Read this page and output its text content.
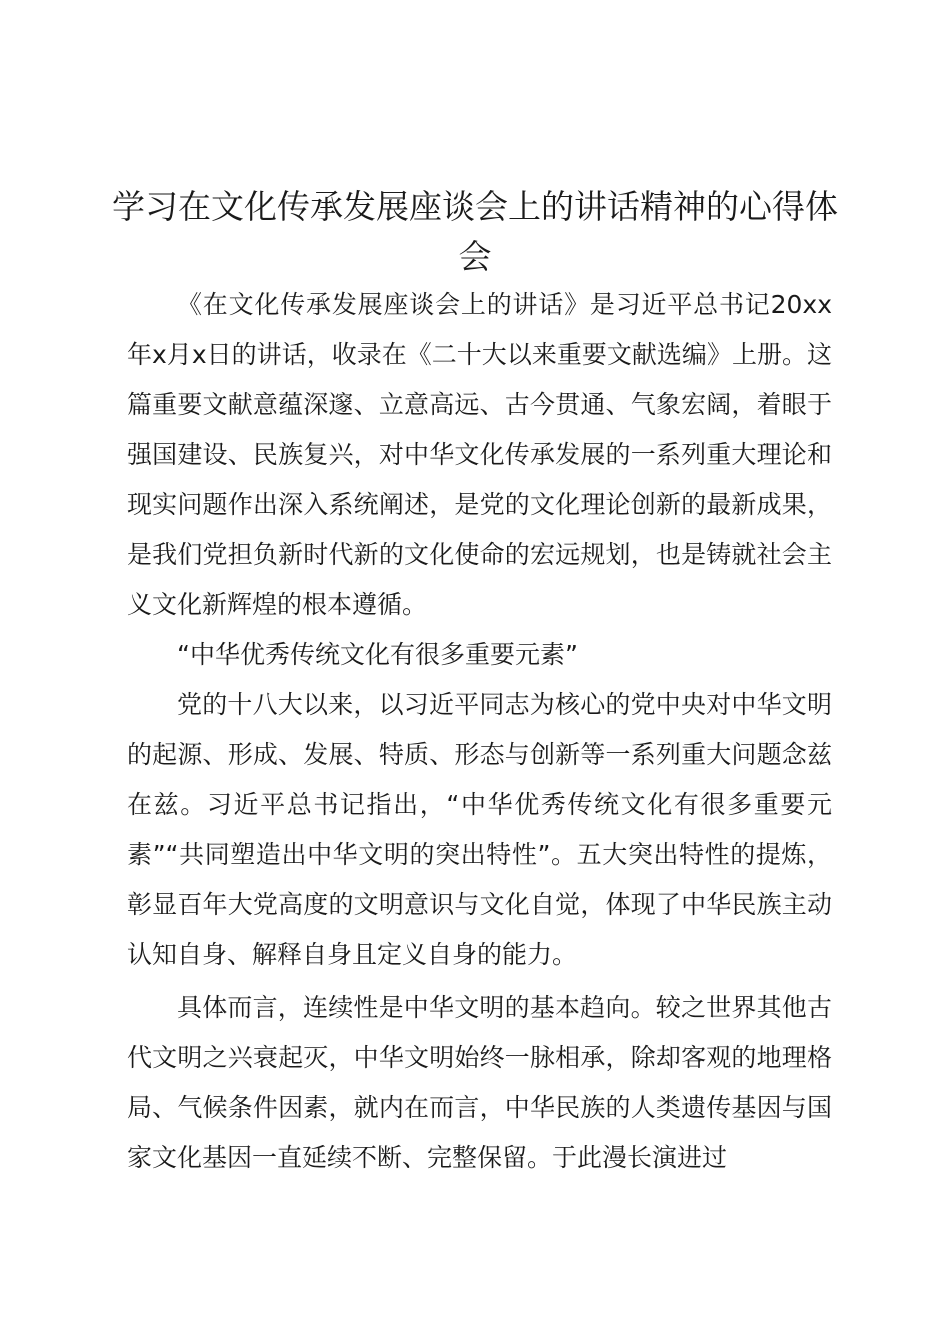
学习在文化传承发展座谈会上的讲话精神的心得体会

《在文化传承发展座谈会上的讲话》是习近平总书记20xx年x月x日的讲话，收录在《二十大以来重要文献选编》上册。这篇重要文献意蕴深邃、立意高远、古今贯通、气象宏阔，着眼于强国建设、民族复兴，对中华文化传承发展的一系列重大理论和现实问题作出深入系统阐述，是党的文化理论创新的最新成果，是我们党担负新时代新的文化使命的宏远规划，也是铸就社会主义文化新辉煌的根本遵循。

“中华优秀传统文化有很多重要元素”

党的十八大以来，以习近平同志为核心的党中央对中华文明的起源、形成、发展、特质、形态与创新等一系列重大问题念兹在兹。习近平总书记指出，“中华优秀传统文化有很多重要元素”“共同塑造出中华文明的突出特性”。五大突出特性的提炼，彰显百年大党高度的文明意识与文化自觉，体现了中华民族主动认知自身、解释自身且定义自身的能力。

具体而言，连续性是中华文明的基本趋向。较之世界其他古代文明之兴衰起灭，中华文明始终一脉相承，除却客观的地理格局、气候条件因素，就内在而言，中华民族的人类遗传基因与国家文化基因一直延续不断、完整保留。于此漫长演进过
